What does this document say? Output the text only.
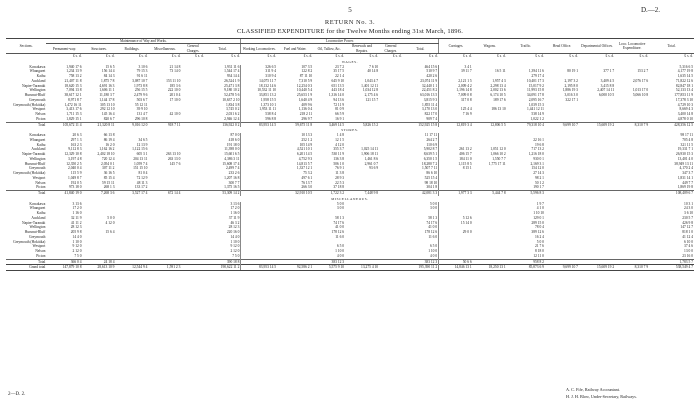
5	D.—2.
RETURN No. 3.
CLASSIFIED EXPENDITURE for the Twelve Months ending 31st March, 1896.
Sections.	Maintenance of Way and Works.						Locomotive Power.						Carriages.	Wagons.	Traffic.	Head Office.	Departmental Offices.	Loco. Locomotive Expenditure.	Total.
	Permanent-way.	Structures.	Buildings.	Miscellaneous.	General Charges.	Total.	Working Locomotives.	Fuel and Water.	Oil, Tallow, &c.	Renewals and Repairs.	General Charges.	Total.							
	£ s. d.	£ s. d.	£ s. d.	£ s. d.	£ s. d.	£ s. d.	£ s. d.	£ s. d.	£ s. d.	£ s. d.	£ s. d.	£ s. d.	£ s. d.	£ s. d.	£ s. d.	£ s. d.	£ s. d.	£ s. d.	£ s. d.
WAGES.																			
Kawakawa	1,940 17 6	15 6 5	3 10 6	21 14 8		1,931 11 6	326 6 5	107 3 5	23 7 2	7 6 10		464 15 6	3 4 1						5,316 6 5
Whangarei	1,234 13 9	156 14 4	79 15 3	73 14 0		1,544 17 4	311 9 4	122 8 2	35 17 5	40 14 8		510 9 7	39 11 7	16 5 11	1,394 11 6	80 19 1	377 1 7	153 2 7	4,177 19 8
Kaihu	758 13 2	84 14 3	91 6 11			934 14 4	310 9 4	87 11 10	22 1 4			420 2 6			279 17 4				1,635 14 5
Auckland	21,407 11 8	1,875 7 8	3,087 10 7	153 11 10		26,524 1 9	14,075 11 7	7,310 5 9	645 9 10	1,043 4 7		23,074 11 9	2,121 1 5	1,957 4 3	10,401 17 3	2,197 3 2	3,409 4 5	2,076 17 6	71,822 12 6
Napier-Taranaki	18,620 15 3	4,691 16 3	1,973 8 8	185 3 6		25,471 3 8	18,132 14 6	12,254 0 3	651 13 5	1,401 12 11		32,440 1 1	2,009 4 2	2,298 13 4	15,017 9 2	2,195 8 0	3,415 8 8		82,847 18 1
Wellington	7,094 13 8	1,606 11 1	256 15 5	222 10 0		9,180 10 2	10,532 11 10	10,440 5 4	443 18 4	1,034 12 8		22,451 8 2	1,196 14 8	2,002 13 6	11,993 15 8	1,886 19 3	2,407 14 11	1,013 17 0	52,133 13 4
Hurunui-Bluff	38,617 12 1	11,180 3 7	2,479 9 6	201 0 4		52,478 5 6	33,851 13 2	25,653 1 9	1,316 14 0	2,175 4 6		63,016 13 5	7,009 0 8	6,174 10 5	34,091 17 8	3,016 3 0	6,000 10 5	5,066 10 8	177,853 11 9
Greymouth	8,971 8 7	1,144 17 8	503 6 7	17 10 0		10,637 2 10	1,958 15 5	1,640 4 9	94 13 6	121 15 7		3,815 9 3	317 0 8	189 17 6	2,095 16 7	322 17 1			17,378 3 10
Greymouth (Hokitika)	1,472 16 11	305 13 10	55 12 11			1,834 3 8	1,373 10 1	409 9 6	72 11 9			1,855 11 4			1,039 15 3				4,729 10 3
Westport	3,413 17 6	292 12 10	39 9 10			3,745 0 2	1,953 11 11	1,136 0 4	81 0 9			3,170 13 0	125 4 4	186 13 10	1,441 12 11				8,669 4 3
Nelson	1,711 15 3	145 16 4	131 4 7	42 10 0		2,031 6 2	538 8 4	218 2 11	66 5 9			822 17 0	7 16 9		538 14 9				3,400 14 8
Picton	1,829 15 1	820 6 7	296 10 8			2,946 12 4	596 8 8	296 9 7	16 9 1			909 7 4			1,022 1 2				4,878 0 10
Total	105,672 11 4	21,320 8 11	9,016 12 0	918 7 11		136,922 0 2	83,953 14 5	59,675 11 8	3,469 14 5	5,826 15 2		152,925 15 8	12,819 3 4	12,806 5 5	79,318 10 4	9,699 10 7	15,609 19 2	8,310 7 9	428,356 12 5
STORES.																			
Kawakawa	20 6 3	66 13 8				87 0 0		10 13 3	1 4 8			11 17 11							98 17 11
Whangarei	297 1 3	86 19 4	34 6 5			418 6 0		252 1 2	12 1 5			264 2 7			22 16 1				705 4 8
Kaihu	163 2 3	16 2 0	12 13 9			191 18 0		105 14 9	4 12 0			110 6 9			19 6 8				321 11 5
Auckland	9,112 8 3	1,162 16 2	1,122 15 6			11,398 0 0		4,521 10 1	355 3 7	1,025 14 11		5,902 8 7	261 13 2	1,051 12 0	717 13 2				19,331 7 1
Napier-Taranaki	12,329 10 8	2,402 18 10	605 3 1	263 13 10		15,601 6 5		6,201 14 5	530 11 9	1,906 18 11		8,639 5 1	406 15 7	1,066 10 2	1,216 18 0				26,930 15 3
Wellington	3,197 4 8	720 12 4	204 13 11	263 13 0		4,386 3 11		4,752 9 3	136 3 8	1,461 8 6		6,350 1 5	184 11 0	1,550 7 7	930 0 1				13,401 4 0
Hurunui-Bluff	12,350 2 5	2,054 0 1	1,059 7 4	145 7 6		15,608 17 4		14,813 5 7	506 1 0	2,961 0 7		18,280 7 2	1,115 8 5	1,775 17 11	2,169 3 1				38,949 13 11
Greymouth	2,040 0 4	307 11 2	151 15 10			2,499 7 4		1,337 12 1	76 9 1	93 6 9		1,507 7 11	8 15 1		154 12 0				4,170 2 4
Greymouth (Hokitika)	115 5 9	36 16 5	81 0 4			233 2 6		75 3 2	11 3 8			86 6 10			27 14 3				347 3 7
Westport	1,049 8 7	85 15 4	72 12 9			1,207 16 8		497 6 1	28 9 3			525 15 4			98 2 1				1,831 14 1
Nelson	192 0 5	59 15 11	48 11 3			300 7 7		76 13 7	22 5 3			98 18 10			50 1 2				449 7 7
Picton	973 18 0	268 1 3	133 17 2			1,375 16 5		266 3 0	37 18 8			304 1 8			190 1 7				1,869 19 8
Total	41,840 19 0	7,268 3 6	3,527 17 4	672 14 4		53,309 14 2		32,910 10 5	1,722 3 2	7,448 9 8		42,081 3 3	1,977 3 3	5,444 7 8	5,596 8 3				108,409 6 7
MISCELLANEOUS.																			
Kawakawa	3 13 6					3 13 6			5 0 0			5 0 0			1 9 7				10 3 1
Whangarei	17 2 0					17 2 0			3 0 0			3 0 0			4 1 0				24 3 0
Kaihu	1 16 0					1 16 0									1 10 10				3 6 10
Auckland	32 11 9	5 0 0				37 11 9			58 1 3			58 1 3	5 12 6		129 0 1				230 5 7
Napier-Taranaki	41 11 2	4 12 0				46 3 2			74 17 6			74 17 6	15 14 0		289 15 0				426 9 8
Wellington	28 12 3					28 12 3			41 0 0			41 0 0			78 0 4				147 12 7
Hurunui-Bluff	205 9 8	15 6 4				220 16 0			178 12 6			178 12 6	29 0 0		389 12 6				818 1 0
Greymouth	14 4 0					14 4 0			11 6 0			11 6 0			16 2 4				41 12 4
Greymouth (Hokitika)	1 10 0					1 10 0									5 0 0				6 10 0
Westport	9 12 0					9 12 0			6 5 0			6 5 0			21 7 6				37 4 6
Nelson	2 12 0					2 12 0			1 10 0			1 10 0			8 18 0				13 0 0
Picton	7 5 0					7 5 0			4 0 0			4 0 0			12 11 0				23 16 0
Total	366 0 4	24 18 4				390 18 8			383 12 3			383 12 3	50 6 6		958 8 2				1,783 5 7
Grand total	147,879 10 8	28,613 10 9	12,544 9 4	1,591 2 3		190,622 11 2	83,953 14 5	92,586 2 1	5,575 9 10	13,275 4 10		195,390 11 2	14,846 13 1	18,250 13 1	85,873 6 9	9,699 10 7	15,609 19 2	8,310 7 9	538,549 4 7
2—D. 2.
A. C. Fife, Railway Accountant.
H. J. H. Blow, Under-Secretary, Railways.
